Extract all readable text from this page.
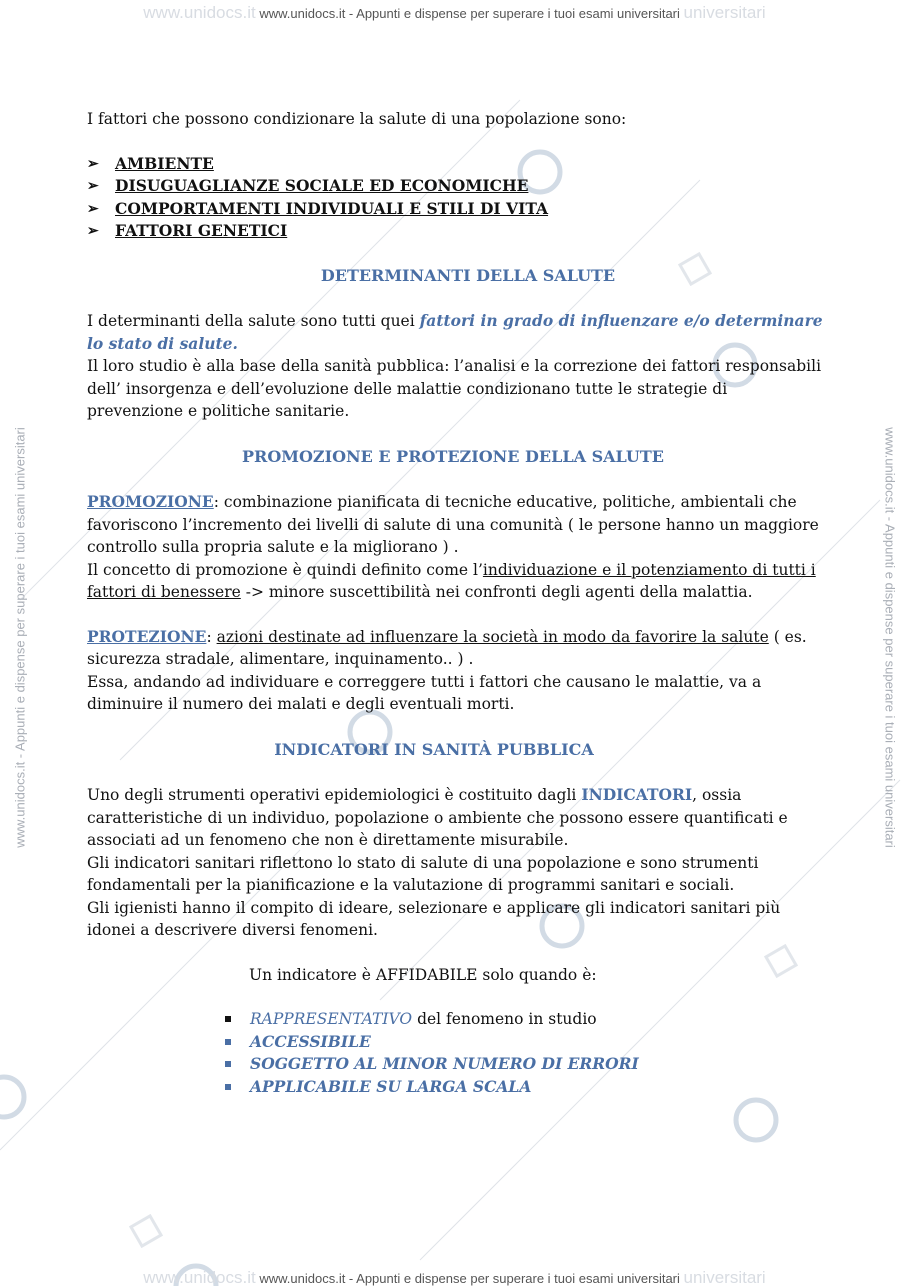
www.unidocs.it www.unidocs.it - Appunti e dispense per superare i tuoi esami universitari universitari
www.unidocs.it www.unidocs.it - Appunti e dispense per superare i tuoi esami universitari universitari
www.unidocs.it - Appunti e dispense per superare i tuoi esami universitari	www.unidocs.it - Appunti e dispense per superare i tuoi esami universitari

I fattori che possono condizionare la salute di una popolazione sono:

➢ AMBIENTE
➢ DISUGUAGLIANZE SOCIALE ED ECONOMICHE
➢ COMPORTAMENTI INDIVIDUALI E STILI DI VITA
➢ FATTORI GENETICI

DETERMINANTI DELLA SALUTE

I determinanti della salute sono tutti quei fattori in grado di influenzare e/o determinare lo stato di salute.

Il loro studio è alla base della sanità pubblica: l’analisi e la correzione dei fattori responsabili dell’ insorgenza e dell’evoluzione delle malattie condizionano tutte le strategie di prevenzione e politiche sanitarie.

PROMOZIONE E PROTEZIONE DELLA SALUTE

PROMOZIONE: combinazione pianificata di tecniche educative, politiche, ambientali che favoriscono l’incremento dei livelli di salute di una comunità ( le persone hanno un maggiore controllo sulla propria salute e la migliorano ) .

Il concetto di promozione è quindi definito come l’individuazione e il potenziamento di tutti i fattori di benessere -> minore suscettibilità nei confronti degli agenti della malattia.

PROTEZIONE: azioni destinate ad influenzare la società in modo da favorire la salute ( es. sicurezza stradale, alimentare, inquinamento.. ) .

Essa, andando ad individuare e correggere tutti i fattori che causano le malattie, va a diminuire il numero dei malati e degli eventuali morti.

INDICATORI IN SANITÀ PUBBLICA

Uno degli strumenti operativi epidemiologici è costituito dagli INDICATORI, ossia caratteristiche di un individuo, popolazione o ambiente che possono essere quantificati e associati ad un fenomeno che non è direttamente misurabile.

Gli indicatori sanitari riflettono lo stato di salute di una popolazione e sono strumenti fondamentali per la pianificazione e la valutazione di programmi sanitari e sociali.

Gli igienisti hanno il compito di ideare, selezionare e applicare gli indicatori sanitari più idonei a descrivere diversi fenomeni.

Un indicatore è AFFIDABILE solo quando è:

RAPPRESENTATIVO del fenomeno in studio
ACCESSIBILE
SOGGETTO AL MINOR NUMERO DI ERRORI
APPLICABILE SU LARGA SCALA
